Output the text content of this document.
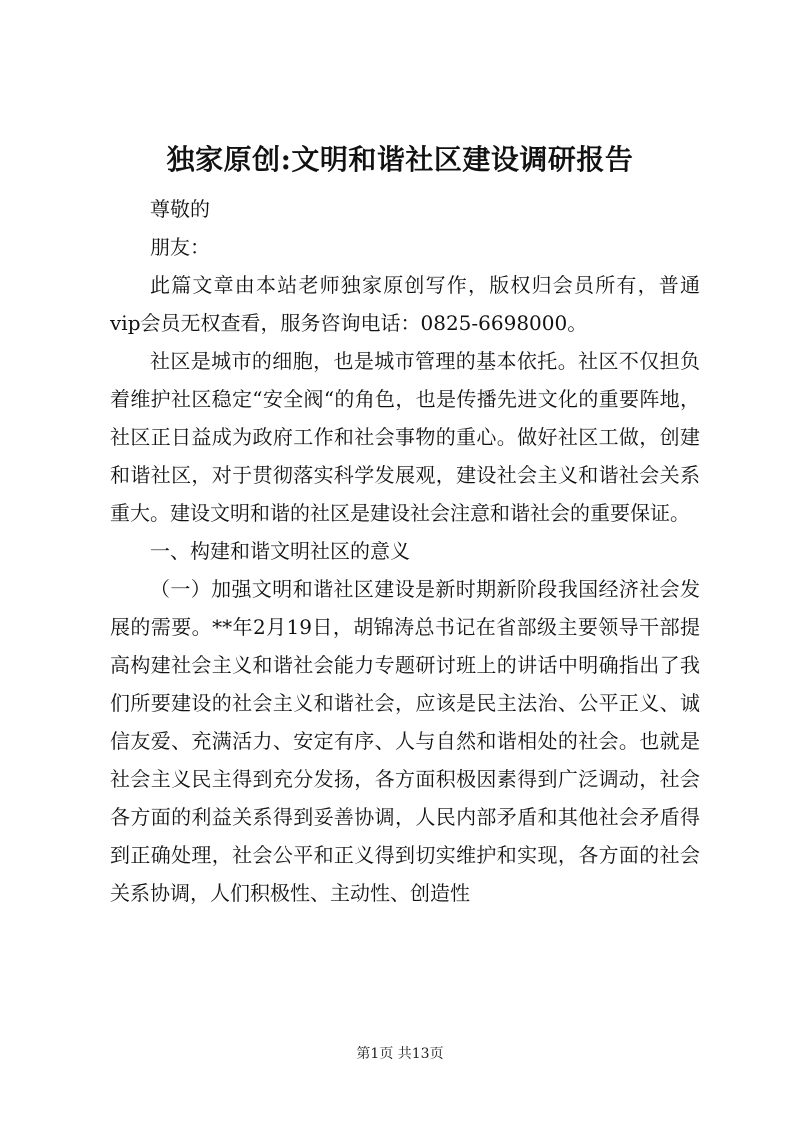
独家原创:文明和谐社区建设调研报告

尊敬的

朋友：

此篇文章由本站老师独家原创写作，版权归会员所有，普通vip会员无权查看，服务咨询电话：0825-6698000。

社区是城市的细胞，也是城市管理的基本依托。社区不仅担负着维护社区稳定“安全阀“的角色，也是传播先进文化的重要阵地，社区正日益成为政府工作和社会事物的重心。做好社区工做，创建和谐社区，对于贯彻落实科学发展观，建设社会主义和谐社会关系重大。建设文明和谐的社区是建设社会注意和谐社会的重要保证。

一、构建和谐文明社区的意义

（一）加强文明和谐社区建设是新时期新阶段我国经济社会发展的需要。**年2月19日，胡锦涛总书记在省部级主要领导干部提高构建社会主义和谐社会能力专题研讨班上的讲话中明确指出了我们所要建设的社会主义和谐社会，应该是民主法治、公平正义、诚信友爱、充满活力、安定有序、人与自然和谐相处的社会。也就是社会主义民主得到充分发扬，各方面积极因素得到广泛调动，社会各方面的利益关系得到妥善协调，人民内部矛盾和其他社会矛盾得到正确处理，社会公平和正义得到切实维护和实现，各方面的社会关系协调，人们积极性、主动性、创造性

第1页 共13页
